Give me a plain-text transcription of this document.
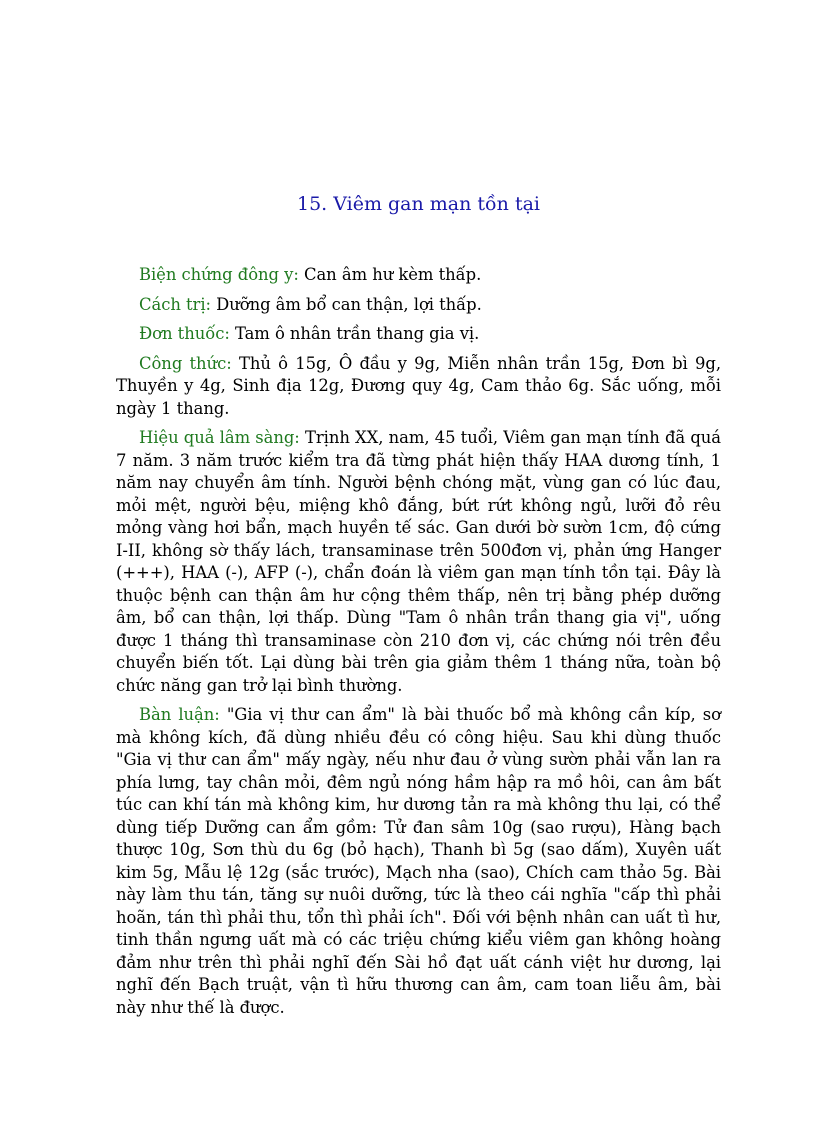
15. Viêm gan mạn tồn tại

Biện chứng đông y: Can âm hư kèm thấp.

Cách trị: Dưỡng âm bổ can thận, lợi thấp.

Đơn thuốc: Tam ô nhân trần thang gia vị.

Công thức: Thủ ô 15g, Ô đầu y 9g, Miễn nhân trần 15g, Đơn bì 9g, Thuyền y 4g, Sinh địa 12g, Đương quy 4g, Cam thảo 6g. Sắc uống, mỗi ngày 1 thang.

Hiệu quả lâm sàng: Trịnh XX, nam, 45 tuổi, Viêm gan mạn tính đã quá 7 năm. 3 năm trước kiểm tra đã từng phát hiện thấy HAA dương tính, 1 năm nay chuyển âm tính. Người bệnh chóng mặt, vùng gan có lúc đau, mỏi mệt, người bệu, miệng khô đắng, bứt rứt không ngủ, lưỡi đỏ rêu mỏng vàng hơi bẩn, mạch huyền tế sác. Gan dưới bờ sườn 1cm, độ cứng I-II, không sờ thấy lách, transaminase trên 500đơn vị, phản ứng Hanger (+++), HAA (-), AFP (-), chẩn đoán là viêm gan mạn tính tồn tại. Đây là thuộc bệnh can thận âm hư cộng thêm thấp, nên trị bằng phép dưỡng âm, bổ can thận, lợi thấp. Dùng "Tam ô nhân trần thang gia vị", uống được 1 tháng thì transaminase còn 210 đơn vị, các chứng nói trên đều chuyển biến tốt. Lại dùng bài trên gia giảm thêm 1 tháng nữa, toàn bộ chức năng gan trở lại bình thường.

Bàn luận: "Gia vị thư can ẩm" là bài thuốc bổ mà không cần kíp, sơ mà không kích, đã dùng nhiều đều có công hiệu. Sau khi dùng thuốc "Gia vị thư can ẩm" mấy ngày, nếu như đau ở vùng sườn phải vẫn lan ra phía lưng, tay chân mỏi, đêm ngủ nóng hầm hập ra mồ hôi, can âm bất túc can khí tán mà không kim, hư dương tản ra mà không thu lại, có thể dùng tiếp Dưỡng can ẩm gồm: Tử đan sâm 10g (sao rượu), Hàng bạch thược 10g, Sơn thù du 6g (bỏ hạch), Thanh bì 5g (sao dấm), Xuyên uất kim 5g, Mẫu lệ 12g (sắc trước), Mạch nha (sao), Chích cam thảo 5g. Bài này làm thu tán, tăng sự nuôi dưỡng, tức là theo cái nghĩa "cấp thì phải hoãn, tán thì phải thu, tổn thì phải ích". Đối với bệnh nhân can uất tì hư, tinh thần ngưng uất mà có các triệu chứng kiểu viêm gan không hoàng đảm như trên thì phải nghĩ đến Sài hồ đạt uất cánh việt hư dương, lại nghĩ đến Bạch truật, vận tì hữu thương can âm, cam toan liễu âm, bài này như thế là được.
